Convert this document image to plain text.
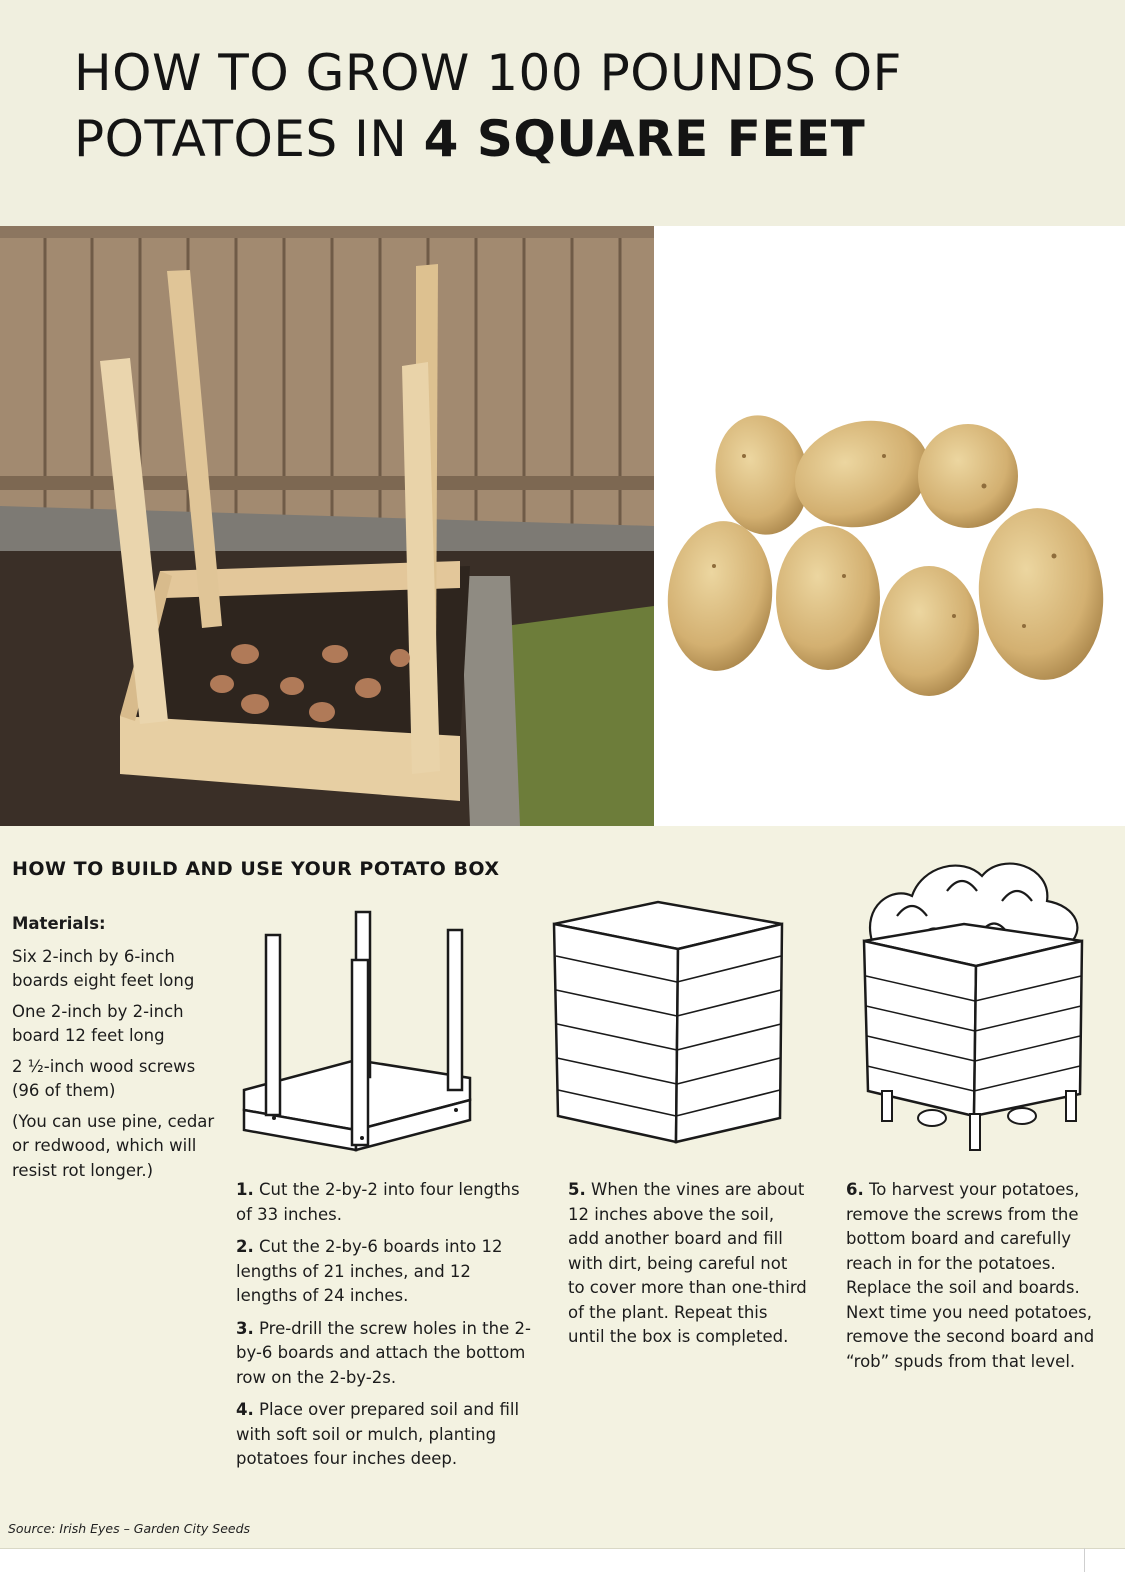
HOW TO GROW 100 POUNDS OF
POTATOES IN 4 SQUARE FEET
HOW TO BUILD AND USE YOUR POTATO BOX
Materials:

Six 2-inch by 6-inch boards eight feet long

One 2-inch by 2-inch board 12 feet long

2 ½-inch wood screws (96 of them)

(You can use pine, cedar or redwood, which will resist rot longer.)

1. Cut the 2-by-2 into four lengths of 33 inches.

2. Cut the 2-by-6 boards into 12 lengths of 21 inches, and 12 lengths of 24 inches.

3. Pre-drill the screw holes in the 2-by-6 boards and attach the bottom row on the 2-by-2s.

4. Place over prepared soil and fill with soft soil or mulch, planting potatoes four inches deep.

5. When the vines are about 12 inches above the soil, add another board and fill with dirt, being careful not to cover more than one-third of the plant. Repeat this until the box is completed.

6. To harvest your potatoes, remove the screws from the bottom board and carefully reach in for the potatoes. Replace the soil and boards. Next time you need potatoes, remove the second board and “rob” spuds from that level.

Source: Irish Eyes – Garden City Seeds
